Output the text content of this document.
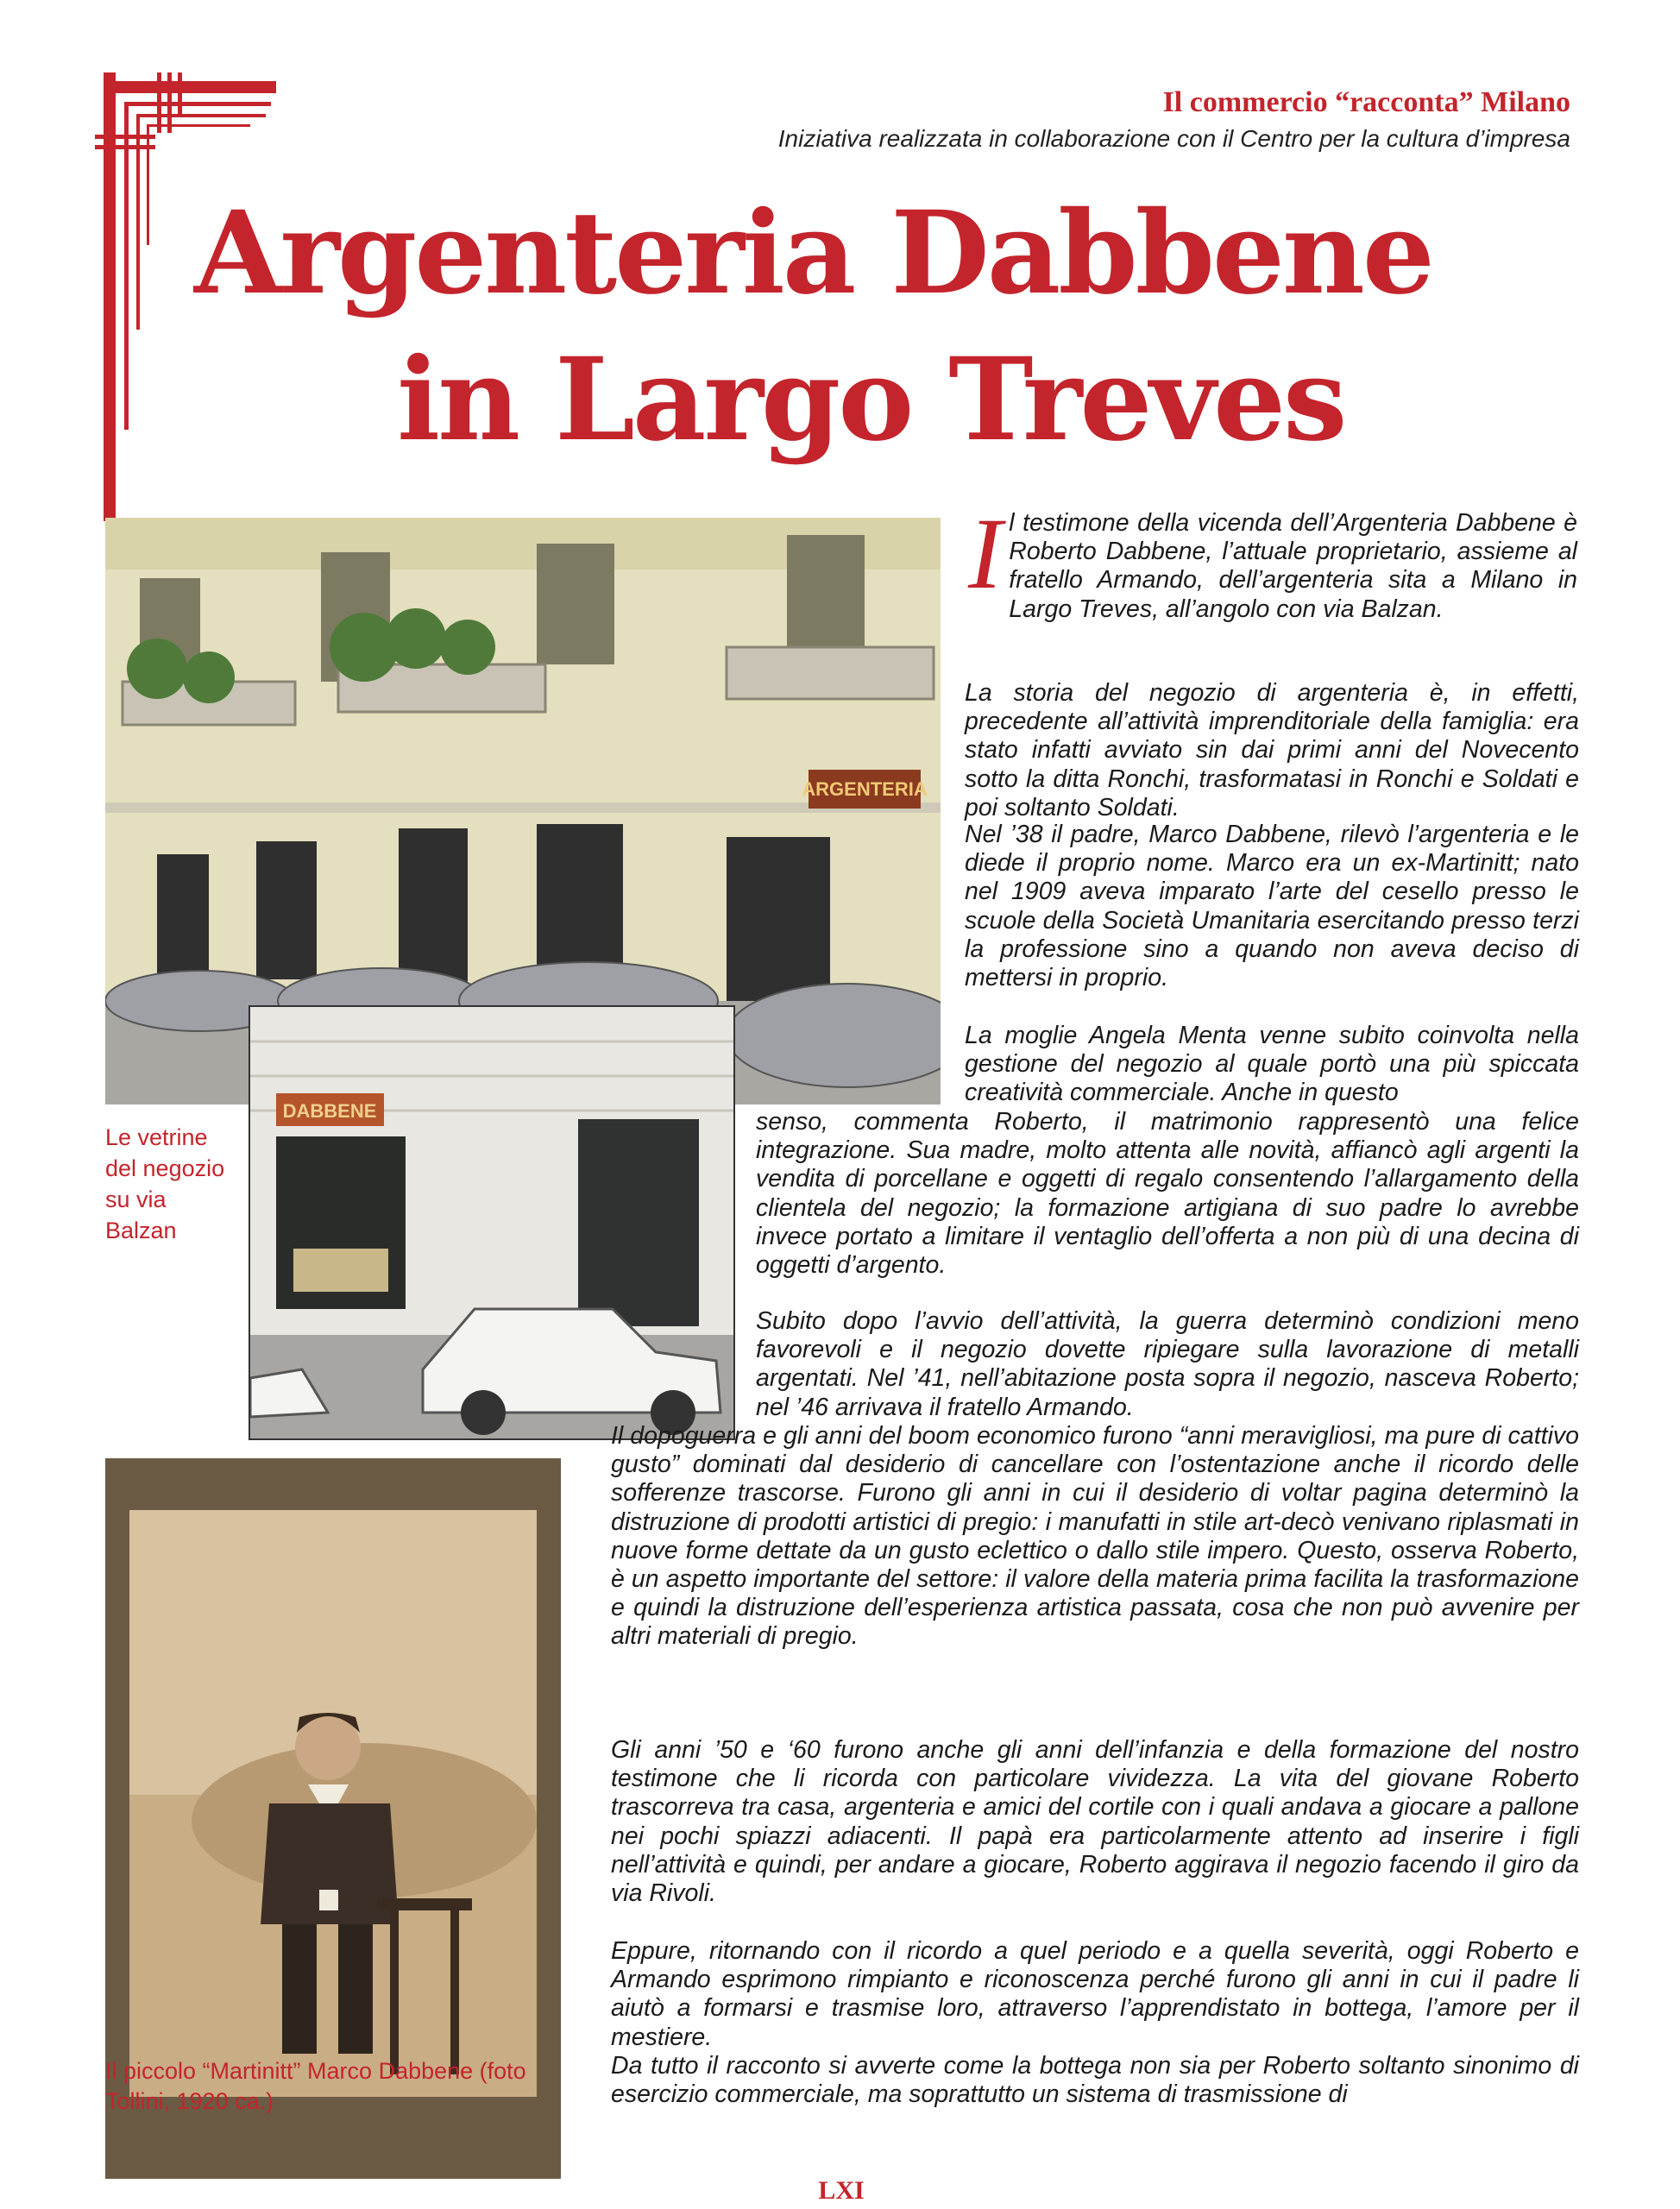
Il commercio “racconta” Milano
Iniziativa realizzata in collaborazione con il Centro per la cultura d’impresa
Argenteria Dabbene
in Largo Treves
ARGENTERIA
DABBENE
Le vetrine del negozio su via Balzan
Il piccolo “Martinitt” Marco Dabbene (foto Tollini, 1920 ca.)
Il testimone della vicenda dell’Argenteria Dabbene è Roberto Dabbene, l’attuale proprietario, assieme al fratello Armando, dell’argenteria sita a Milano in Largo Treves, all’angolo con via Balzan.
La storia del negozio di argenteria è, in effetti, precedente all’attività imprenditoriale della famiglia: era stato infatti avviato sin dai primi anni del Novecento sotto la ditta Ronchi, trasformatasi in Ronchi e Soldati e poi soltanto Soldati.
Nel ’38 il padre, Marco Dabbene, rilevò l’argenteria e le diede il proprio nome. Marco era un ex-Martinitt; nato nel 1909 aveva imparato l’arte del cesello presso le scuole della Società Umanitaria esercitando presso terzi la professione sino a quando non aveva deciso di mettersi in proprio.
La moglie Angela Menta venne subito coinvolta nella gestione del negozio al quale portò una più spiccata creatività commerciale. Anche in questo
senso, commenta Roberto, il matrimonio rappresentò una felice integrazione. Sua madre, molto attenta alle novità, affiancò agli argenti la vendita di porcellane e oggetti di regalo consentendo l’allargamento della clientela del negozio; la formazione artigiana di suo padre lo avrebbe invece portato a limitare il ventaglio dell’offerta a non più di una decina di oggetti d’argento.
Subito dopo l’avvio dell’attività, la guerra determinò condizioni meno favorevoli e il negozio dovette ripiegare sulla lavorazione di metalli argentati. Nel ’41, nell’abitazione posta sopra il negozio, nasceva Roberto; nel ’46 arrivava il fratello Armando.
Il dopoguerra e gli anni del boom economico furono “anni meravigliosi, ma pure di cattivo gusto” dominati dal desiderio di cancellare con l’ostentazione anche il ricordo delle sofferenze trascorse. Furono gli anni in cui il desiderio di voltar pagina determinò la distruzione di prodotti artistici di pregio: i manufatti in stile art-decò venivano riplasmati in nuove forme dettate da un gusto eclettico o dallo stile impero. Questo, osserva Roberto, è un aspetto importante del settore: il valore della materia prima facilita la trasformazione e quindi la distruzione dell’esperienza artistica passata, cosa che non può avvenire per altri materiali di pregio.
Gli anni ’50 e ‘60 furono anche gli anni dell’infanzia e della formazione del nostro testimone che li ricorda con particolare vividezza. La vita del giovane Roberto trascorreva tra casa, argenteria e amici del cortile con i quali andava a giocare a pallone nei pochi spiazzi adiacenti. Il papà era particolarmente attento ad inserire i figli nell’attività e quindi, per andare a giocare, Roberto aggirava il negozio facendo il giro da via Rivoli.
Eppure, ritornando con il ricordo a quel periodo e a quella severità, oggi Roberto e Armando esprimono rimpianto e riconoscenza perché furono gli anni in cui il padre li aiutò a formarsi e trasmise loro, attraverso l’apprendistato in bottega, l’amore per il mestiere.
Da tutto il racconto si avverte come la bottega non sia per Roberto soltanto sinonimo di esercizio commerciale, ma soprattutto un sistema di trasmissione di
LXI
